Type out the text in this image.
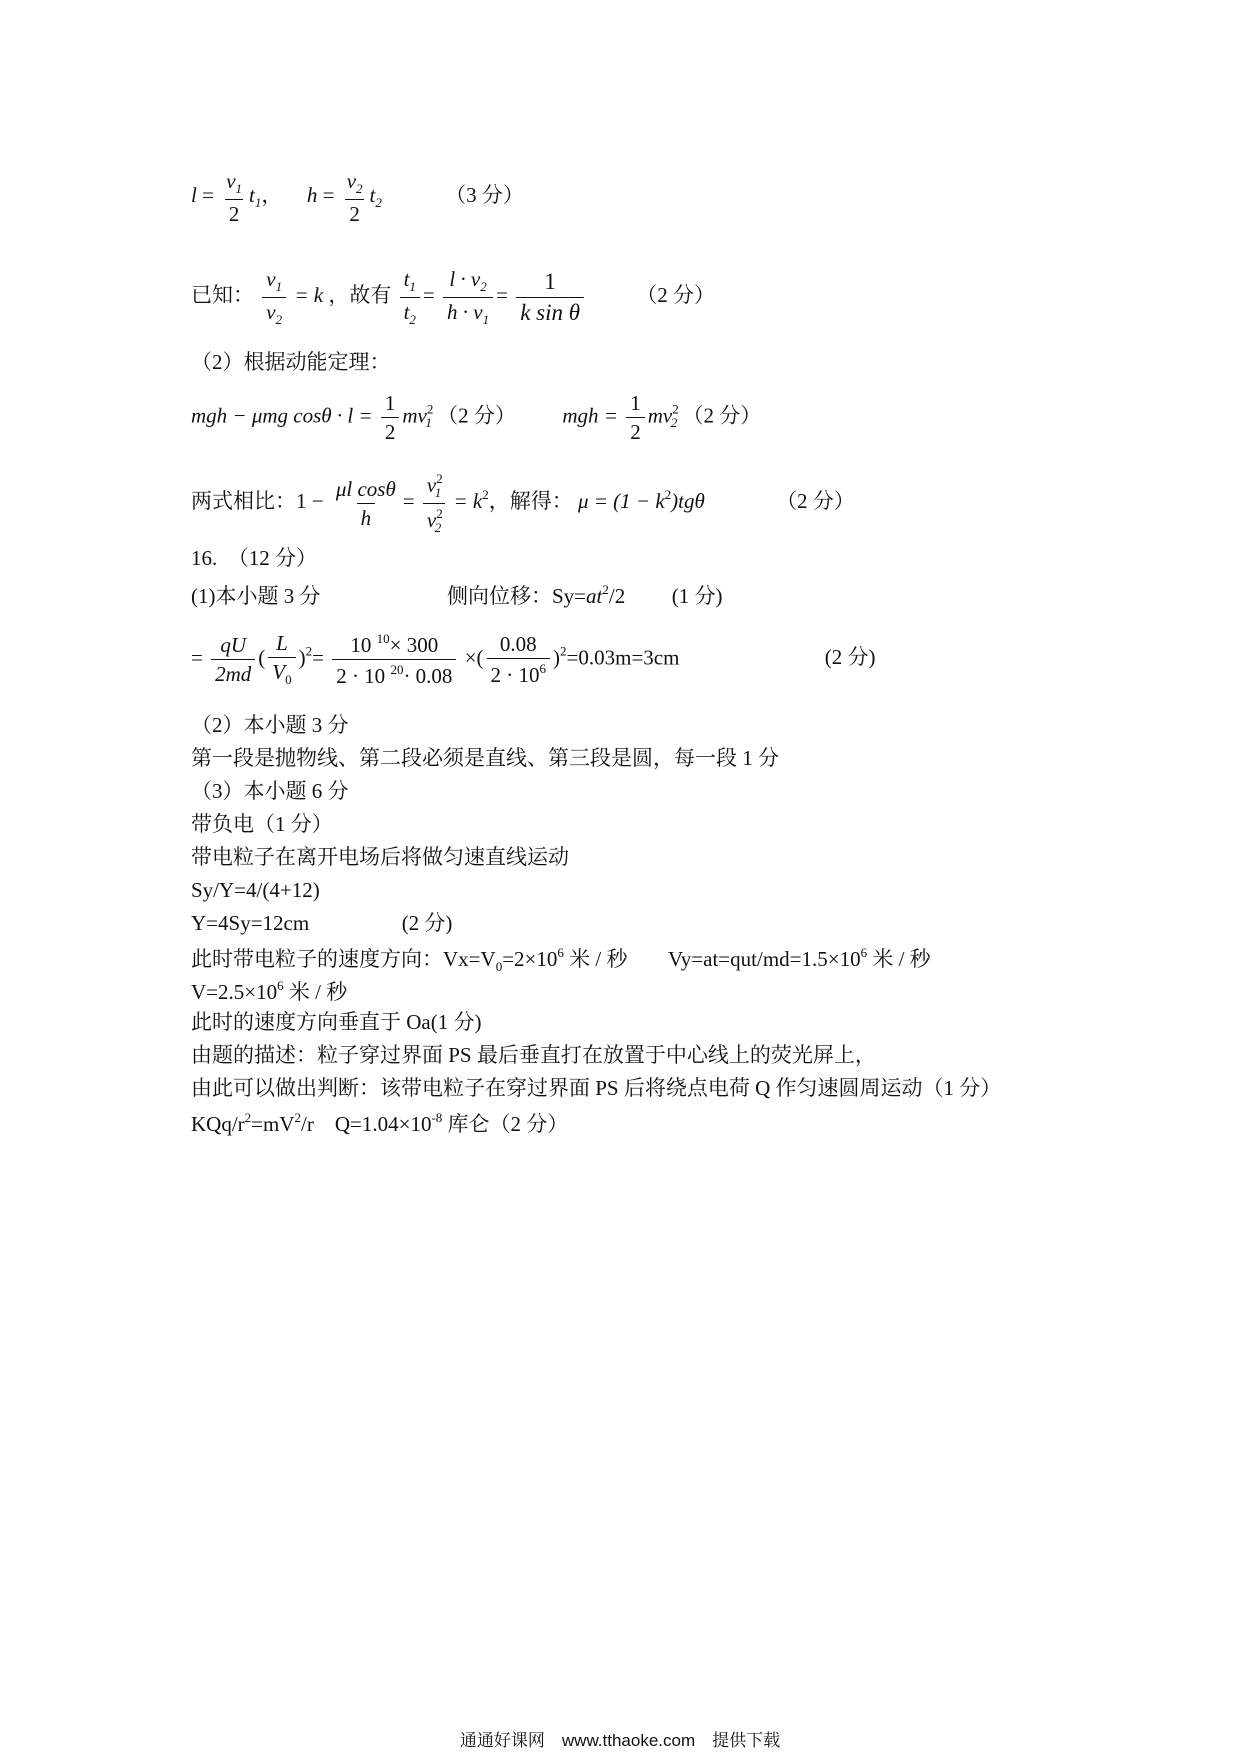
$l = \frac{v_1}{2} t_1$， $h = \frac{v_2}{2} t_2$	（3 分）
已知： $\frac{v_1}{v_2} = k$ ，故有 $\frac{t_1}{t_2} = \frac{l \cdot v_2}{h \cdot v_1} = \frac{1}{\text{k sin θ}} (2$ 分）
（2）根据动能定理：
mgh − μmg $\cos\theta \cdot l = \frac{1}{2} mv^2_1$ （2 分） mgh = $\frac{1}{2} mv^2_2$ （2 分）
两式相比：$1 - \frac{\text{μl cosθ}}{h} = \frac{v^2_1}{v^2_2} = k^2$，解得： $\mu = (1 - k^2)tg\theta$	（2 分）
16.　（12 分）
(1)本小题 3 分	侧向位移：$Sy=at^2/2$ (1 分)
= $\frac{qU}{2md}$ ( $\frac{L}{V_0} )^2= \frac{10 ^{10}\times 300}{2 \cdot 10 ^{20}\cdot 0.08}$ ×( $\frac{0.08}{2 \cdot 10^6} )^2=0.03m=3cm$	(2 分)
（2）本小题 3 分
第一段是抛物线、第二段必须是直线、第三段是圆，每一段 1 分
（3）本小题 6 分
带负电（1 分）
带电粒子在离开电场后将做匀速直线运动
Sy/Y=4/(4+12)
Y=4Sy=12cm	(2 分)
此时带电粒子的速度方向：$Vx=V_0=2\times 10^6$ 米 / 秒 $Vy=at=qut/md=1.5\times 10^6$ 米 / 秒
$V=2.5\times 10^6$ 米 / 秒
此时的速度方向垂直于 Oa(1 分)
由题的描述：粒子穿过界面 PS 最后垂直打在放置于中心线上的荧光屏上，
由此可以做出判断：该带电粒子在穿过界面 PS 后将绕点电荷 Q 作匀速圆周运动（1 分）
KQq/$r^2=mV^2/r$　$Q=1.04\times 10^{-8}$ 库仑（2 分）
通通好课网　www.tthaoke.com　提供下载
